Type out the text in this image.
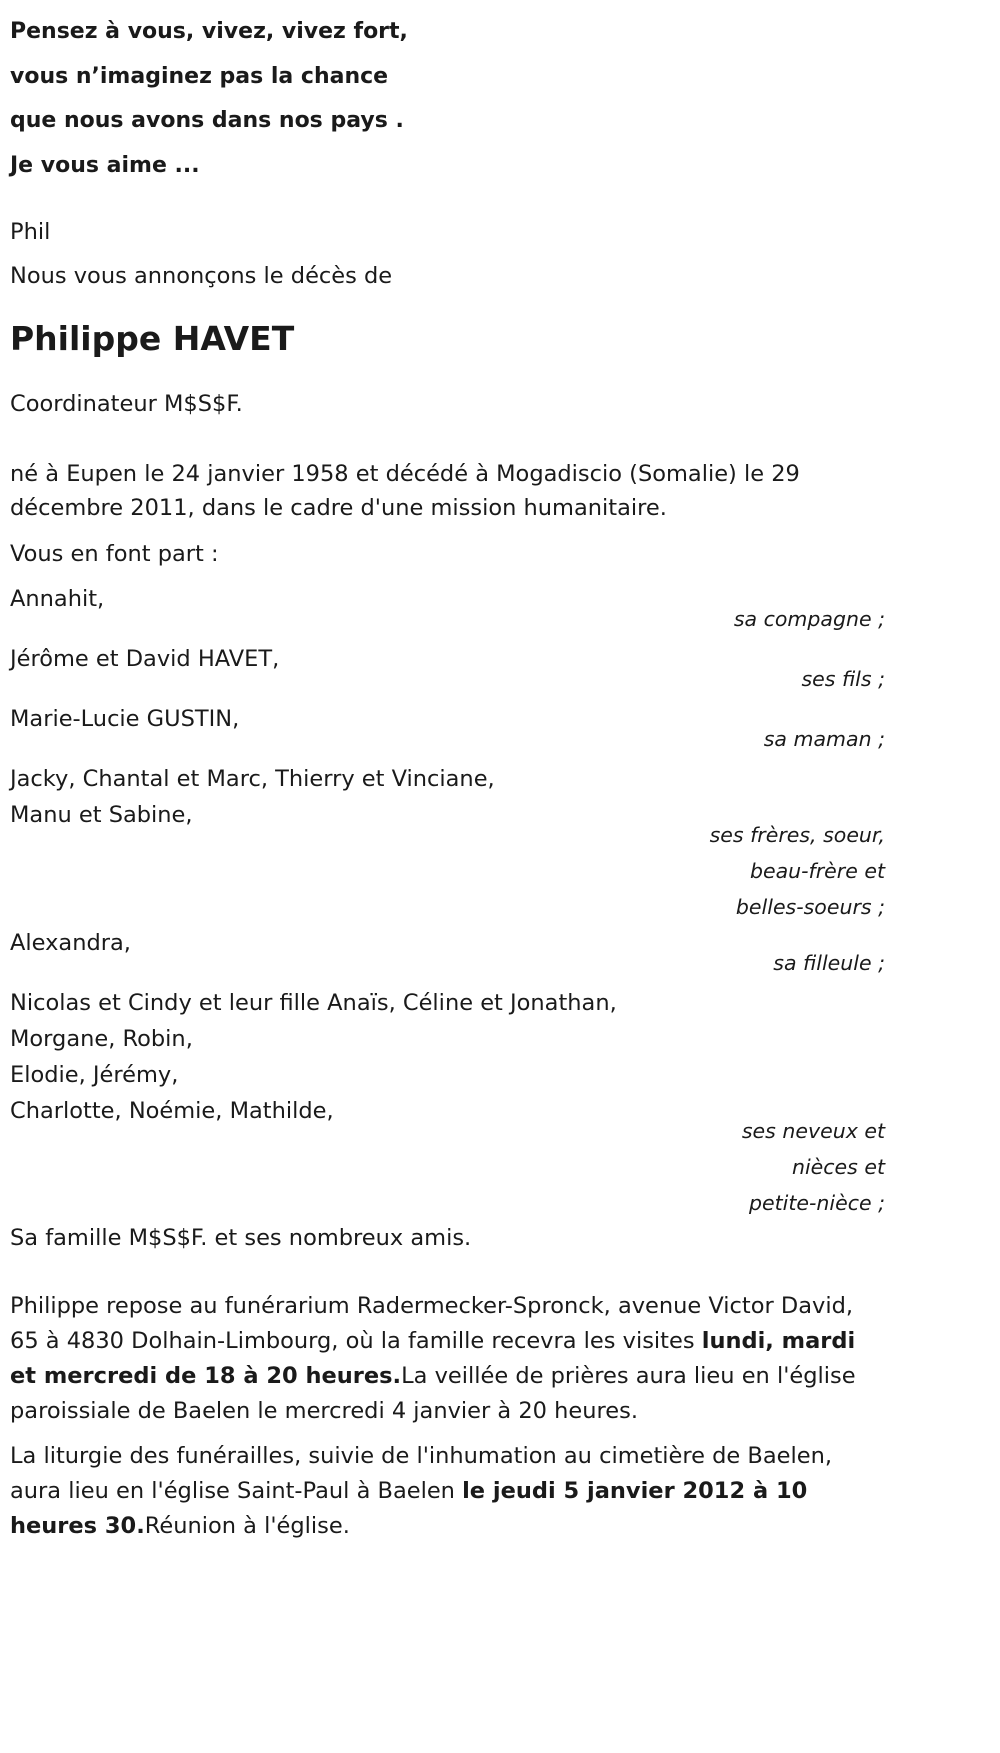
Pensez à vous, vivez, vivez fort,
vous n’imaginez pas la chance
que nous avons dans nos pays .
Je vous aime ...
Phil
Nous vous annonçons le décès de
Philippe HAVET
Coordinateur M$S$F.
né à Eupen le 24 janvier 1958 et décédé à Mogadiscio (Somalie) le 29 décembre 2011, dans le cadre d'une mission humanitaire.
Vous en font part :
Annahit,
sa compagne ;
Jérôme et David HAVET,
ses fils ;
Marie-Lucie GUSTIN,
sa maman ;
Jacky, Chantal et Marc, Thierry et Vinciane,
Manu et Sabine,
ses frères, soeur,
beau-frère et
belles-soeurs ;
Alexandra,
sa filleule ;
Nicolas et Cindy et leur fille Anaïs, Céline et Jonathan,
Morgane, Robin,
Elodie, Jérémy,
Charlotte, Noémie, Mathilde,
ses neveux et
nièces et
petite-nièce ;
Sa famille M$S$F. et ses nombreux amis.
Philippe repose au funérarium Radermecker-Spronck, avenue Victor David, 65 à 4830 Dolhain-Limbourg, où la famille recevra les visites lundi, mardi et mercredi de 18 à 20 heures.La veillée de prières aura lieu en l'église paroissiale de Baelen le mercredi 4 janvier à 20 heures.
La liturgie des funérailles, suivie de l'inhumation au cimetière de Baelen, aura lieu en l'église Saint-Paul à Baelen le jeudi 5 janvier 2012 à 10 heures 30.Réunion à l'église.
